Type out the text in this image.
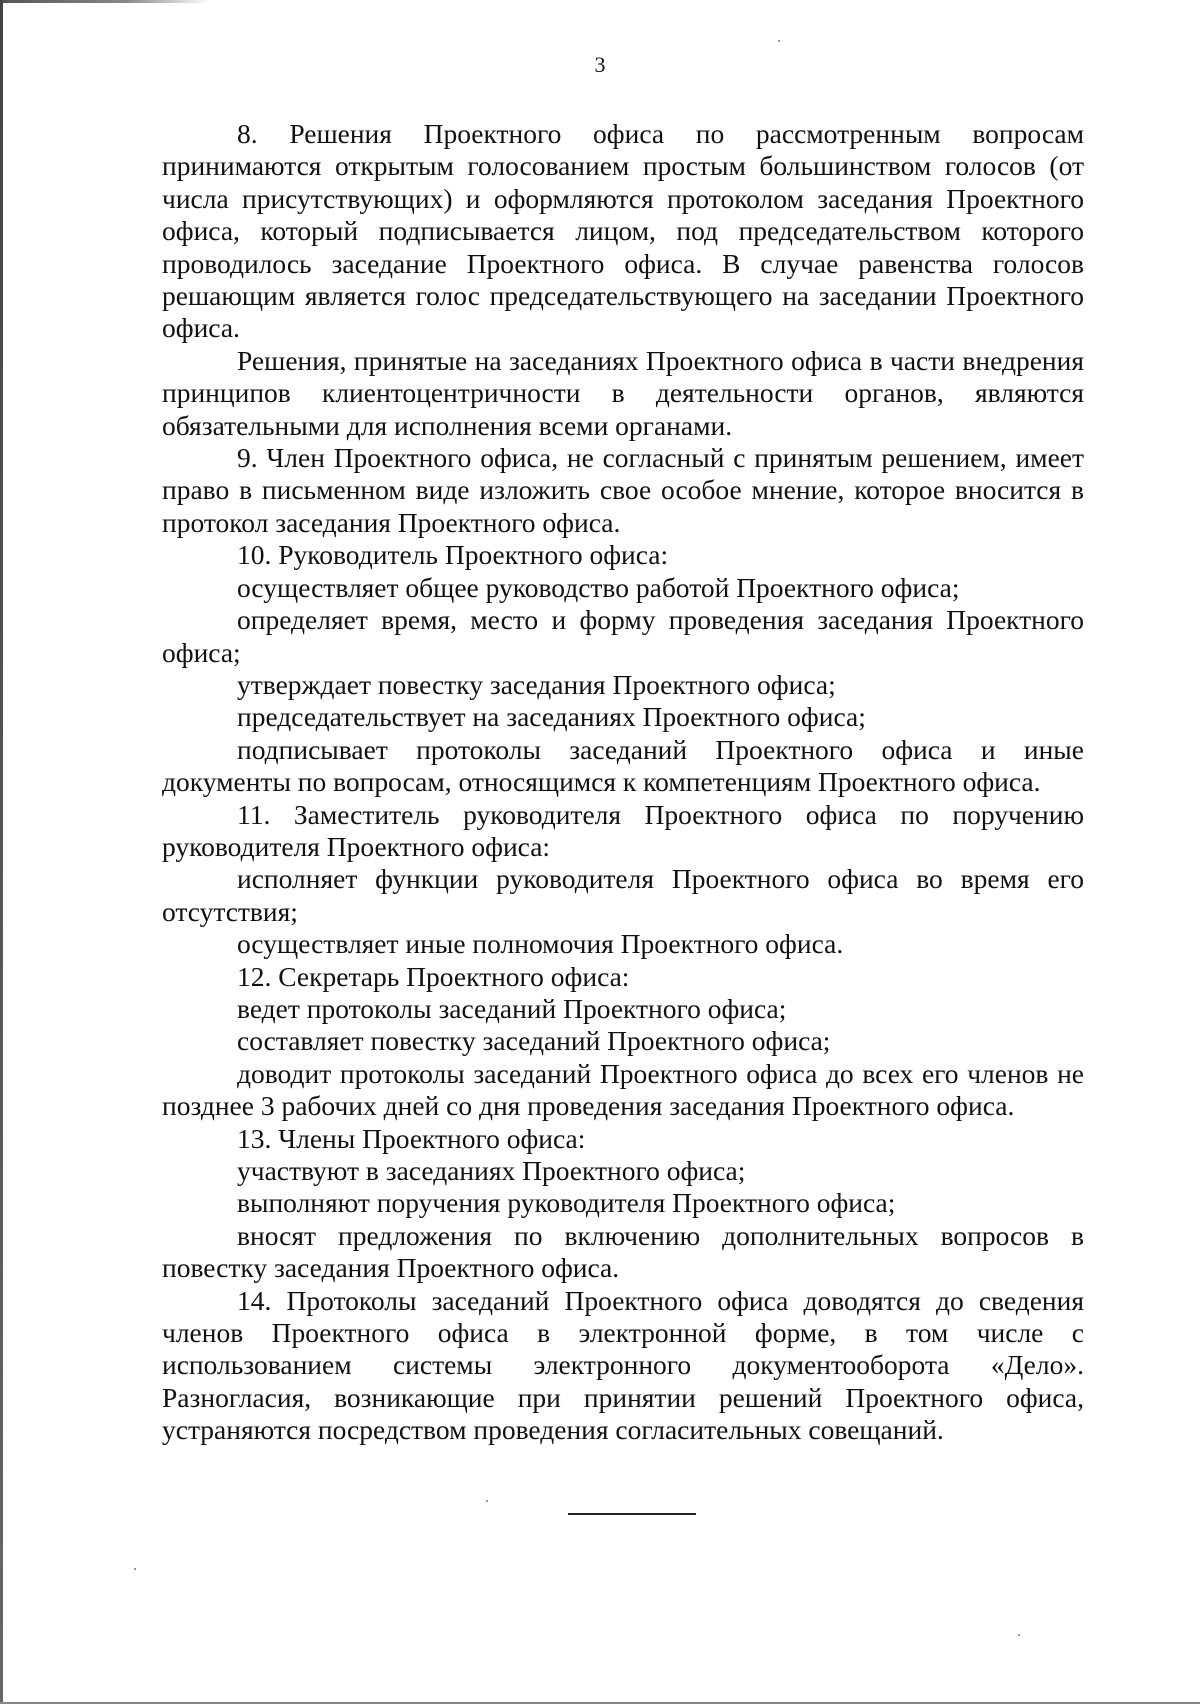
3

8. Решения Проектного офиса по рассмотренным вопросам принимаются открытым голосованием простым большинством голосов (от числа присутствующих) и оформляются протоколом заседания Проектного офиса, который подписывается лицом, под председательством которого проводилось заседание Проектного офиса. В случае равенства голосов решающим является голос председательствующего на заседании Проектного офиса.

Решения, принятые на заседаниях Проектного офиса в части внедрения принципов клиентоцентричности в деятельности органов, являются обязательными для исполнения всеми органами.

9. Член Проектного офиса, не согласный с принятым решением, имеет право в письменном виде изложить свое особое мнение, которое вносится в протокол заседания Проектного офиса.

10. Руководитель Проектного офиса:

осуществляет общее руководство работой Проектного офиса;

определяет время, место и форму проведения заседания Проектного офиса;

утверждает повестку заседания Проектного офиса;

председательствует на заседаниях Проектного офиса;

подписывает протоколы заседаний Проектного офиса и иные документы по вопросам, относящимся к компетенциям Проектного офиса.

11. Заместитель руководителя Проектного офиса по поручению руководителя Проектного офиса:

исполняет функции руководителя Проектного офиса во время его отсутствия;

осуществляет иные полномочия Проектного офиса.

12. Секретарь Проектного офиса:

ведет протоколы заседаний Проектного офиса;

составляет повестку заседаний Проектного офиса;

доводит протоколы заседаний Проектного офиса до всех его членов не позднее 3 рабочих дней со дня проведения заседания Проектного офиса.

13. Члены Проектного офиса:

участвуют в заседаниях Проектного офиса;

выполняют поручения руководителя Проектного офиса;

вносят предложения по включению дополнительных вопросов в повестку заседания Проектного офиса.

14. Протоколы заседаний Проектного офиса доводятся до сведения членов Проектного офиса в электронной форме, в том числе с использованием системы электронного документооборота «Дело». Разногласия, возникающие при принятии решений Проектного офиса, устраняются посредством проведения согласительных совещаний.
